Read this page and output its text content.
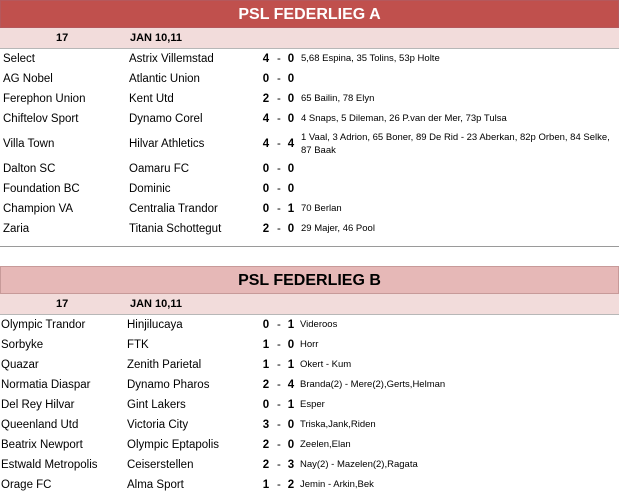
PSL FEDERLIEG A
17	JAN 10,11
Select	Astrix Villemstad	4 - 0 5,68 Espina, 35 Tolins, 53p Holte
AG Nobel	Atlantic Union	0 - 0
Ferephon Union	Kent Utd	2 - 0 65 Bailin, 78 Elyn
Chiftelov Sport	Dynamo Corel	4 - 0 4 Snaps, 5 Dileman, 26 P.van der Mer, 73p Tulsa
Villa Town	Hilvar Athletics	4 - 4
1 Vaal, 3 Adrion, 65 Boner, 89 De Rid - 23 Aberkan, 82p Orben, 84 Selke, 87 Baak
Dalton SC	Oamaru FC	0 - 0
Foundation BC	Dominic	0 - 0
Champion VA	Centralia Trandor	0 - 1 70 Berlan
Zaria	Titania Schottegut	2 - 0 29 Majer, 46 Pool
PSL FEDERLIEG B
17	JAN 10,11
Olympic Trandor	Hinjilucaya	0 - 1 Videroos
Sorbyke	FTK	1 - 0 Horr
Quazar	Zenith Parietal	1 - 1 Okert - Kum
Normatia Diaspar	Dynamo Pharos	2 - 4 Branda(2) - Mere(2),Gerts,Helman
Del Rey Hilvar	Gint Lakers	0 - 1 Esper
Queenland Utd	Victoria City	3 - 0 Triska,Jank,Riden
Beatrix Newport	Olympic Eptapolis	2 - 0 Zeelen,Elan
Estwald Metropolis	Ceiserstellen	2 - 3 Nay(2) - Mazelen(2),Ragata
Orage FC	Alma Sport	1 - 2 Jemin - Arkin,Bek
